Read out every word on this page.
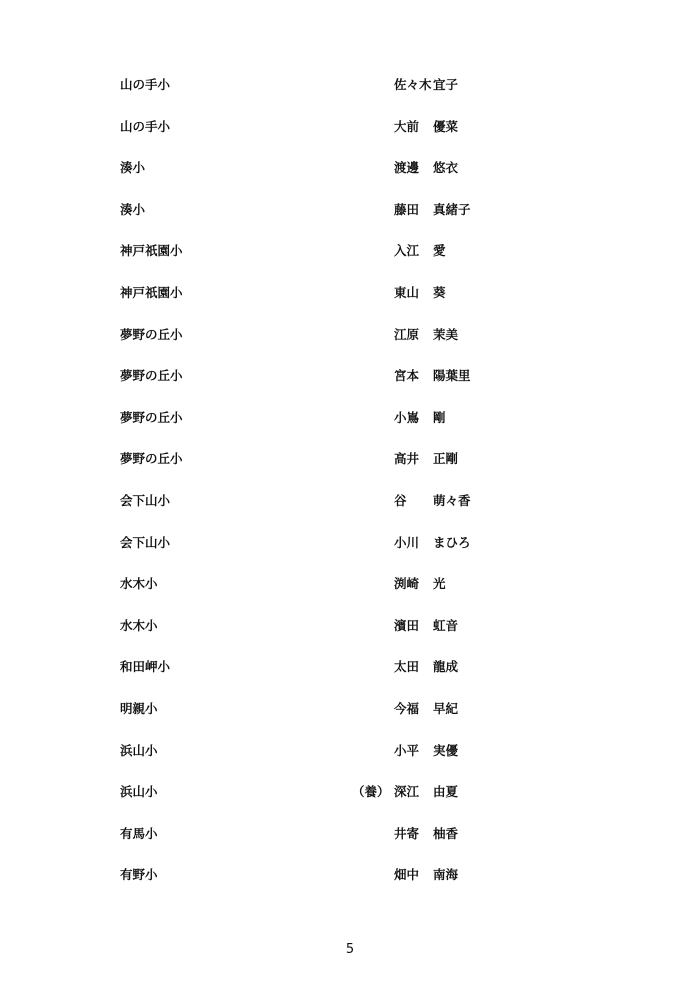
山の手小	佐々木宜子
山の手小	大前 優菜
湊小	渡邊 悠衣
湊小	藤田 真緒子
神戸祇園小	入江 愛
神戸祇園小	東山 葵
夢野の丘小	江原 茉美
夢野の丘小	宮本 陽葉里
夢野の丘小	小嶌 剛
夢野の丘小	高井 正剛
会下山小	谷 萌々香
会下山小	小川 まひろ
水木小	渕崎 光
水木小	濱田 虹音
和田岬小	太田 龍成
明親小	今福 早紀
浜山小	小平 実優
浜山小	（養） 深江 由夏
有馬小	井寄 柚香
有野小	畑中 南海
5
